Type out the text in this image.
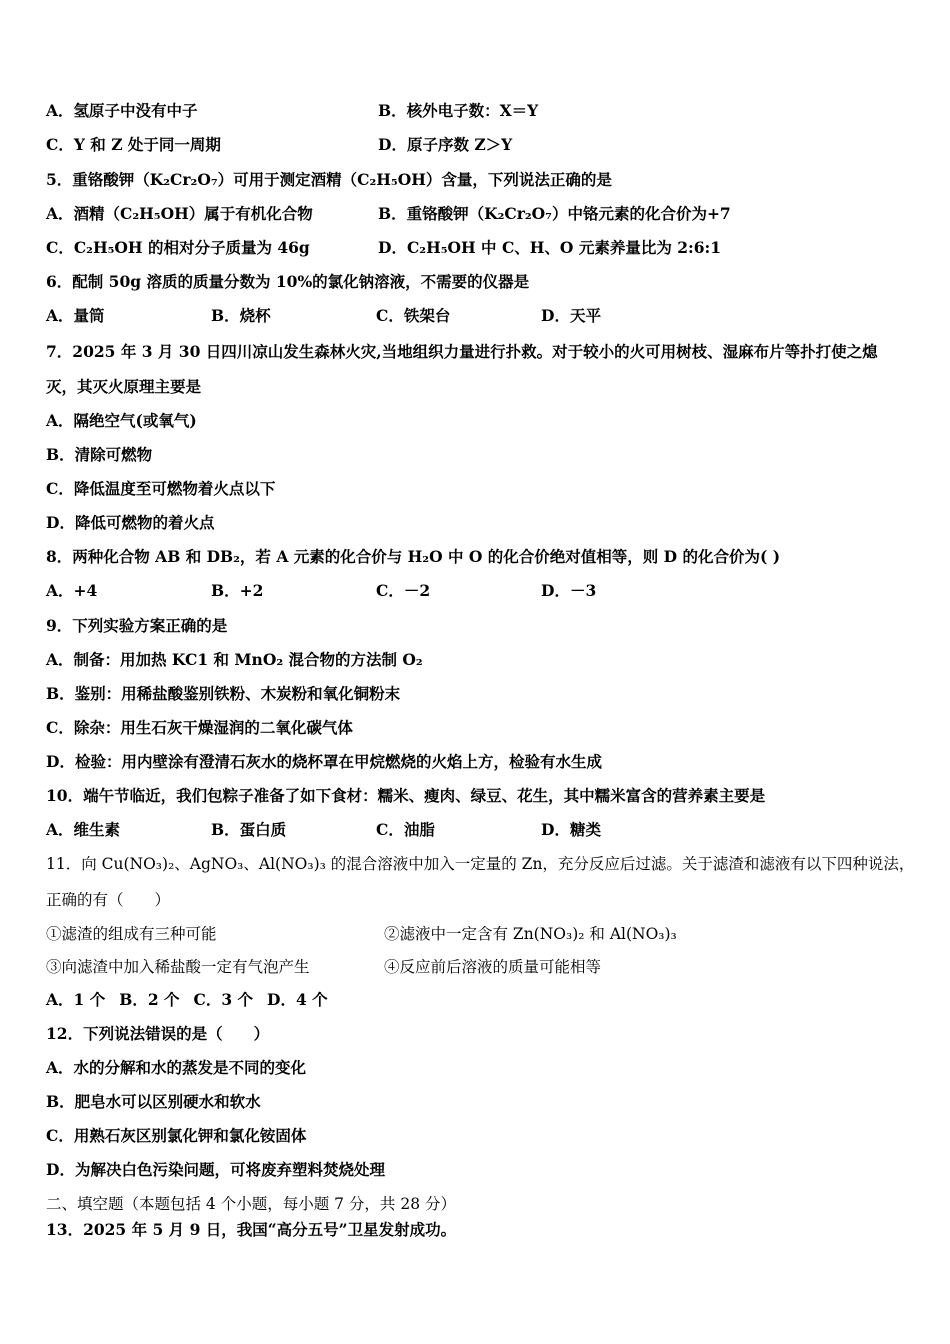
A．氢原子中没有中子	B．核外电子数：X＝Y
C．Y 和 Z 处于同一周期	D．原子序数 Z＞Y
5．重铬酸钾（K₂Cr₂O₇）可用于测定酒精（C₂H₅OH）含量，下列说法正确的是
A．酒精（C₂H₅OH）属于有机化合物	B．重铬酸钾（K₂Cr₂O₇）中铬元素的化合价为+7
C．C₂H₅OH 的相对分子质量为 46g	D．C₂H₅OH 中 C、H、O 元素养量比为 2:6:1
6．配制 50g 溶质的质量分数为 10%的氯化钠溶液，不需要的仪器是
A．量筒	B．烧杯	C．铁架台	D．天平
7．2025 年 3 月 30 日四川凉山发生森林火灾,当地组织力量进行扑救。对于较小的火可用树枝、湿麻布片等扑打使之熄
灭，其灭火原理主要是
A．隔绝空气(或氧气)
B．清除可燃物
C．降低温度至可燃物着火点以下
D．降低可燃物的着火点
8．两种化合物 AB 和 DB₂，若 A 元素的化合价与 H₂O 中 O 的化合价绝对值相等，则 D 的化合价为( )
A．+4	B．+2	C．－2	D．－3
9．下列实验方案正确的是
A．制备：用加热 KC1 和 MnO₂ 混合物的方法制 O₂
B．鉴别：用稀盐酸鉴别铁粉、木炭粉和氧化铜粉末
C．除杂：用生石灰干燥湿润的二氧化碳气体
D．检验：用内壁涂有澄清石灰水的烧杯罩在甲烷燃烧的火焰上方，检验有水生成
10．端午节临近，我们包粽子准备了如下食材：糯米、瘦肉、绿豆、花生，其中糯米富含的营养素主要是
A．维生素	B．蛋白质	C．油脂	D．糖类
11．向 Cu(NO₃)₂、AgNO₃、Al(NO₃)₃ 的混合溶液中加入一定量的 Zn，充分反应后过滤。关于滤渣和滤液有以下四种说法，
正确的有（　　）
①滤渣的组成有三种可能	②滤液中一定含有 Zn(NO₃)₂ 和 Al(NO₃)₃
③向滤渣中加入稀盐酸一定有气泡产生	④反应前后溶液的质量可能相等
A．1 个 B．2 个 C．3 个 D．4 个
12．下列说法错误的是（　　）
A．水的分解和水的蒸发是不同的变化
B．肥皂水可以区别硬水和软水
C．用熟石灰区别氯化钾和氯化铵固体
D．为解决白色污染问题，可将废弃塑料焚烧处理
二、填空题（本题包括 4 个小题，每小题 7 分，共 28 分）
13．2025 年 5 月 9 日，我国“高分五号”卫星发射成功。
